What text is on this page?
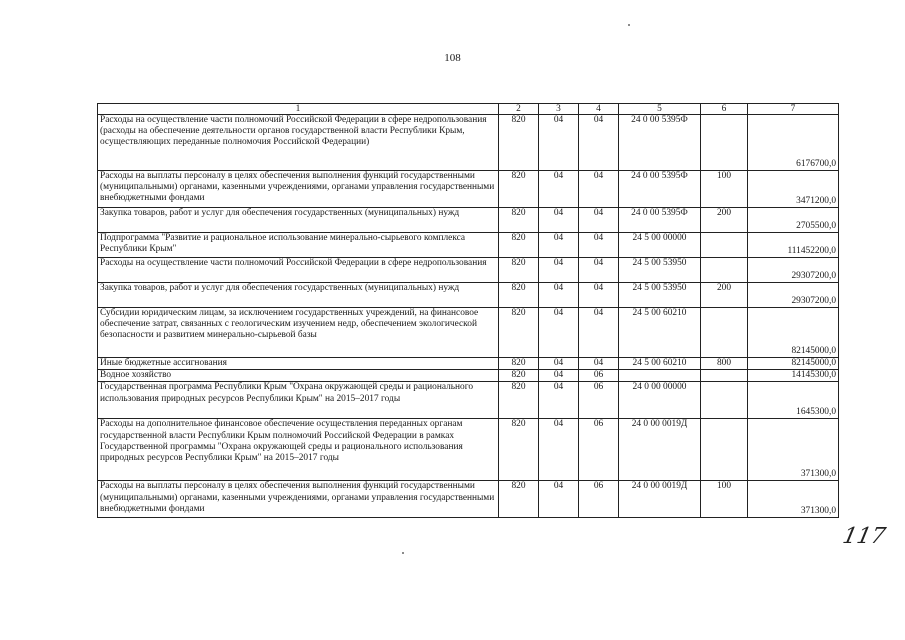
108
1	2	3	4	5	6	7
Расходы на осуществление части полномочий Российской Федерации в сфере недропользования (расходы на обеспечение деятельности органов государственной власти Республики Крым, осуществляющих переданные полномочия Российской Федерации)	820	04	04	24 0 00 5395Ф		6176700,0
Расходы на выплаты персоналу в целях обеспечения выполнения функций государственными (муниципальными) органами, казенными учреждениями, органами управления государственными внебюджетными фондами	820	04	04	24 0 00 5395Ф	100	3471200,0
Закупка товаров, работ и услуг для обеспечения государственных (муниципальных) нужд	820	04	04	24 0 00 5395Ф	200	2705500,0
Подпрограмма "Развитие и рациональное использование минерально-сырьевого комплекса Республики Крым"	820	04	04	24 5 00 00000		111452200,0
Расходы на осуществление части полномочий Российской Федерации в сфере недропользования	820	04	04	24 5 00 53950		29307200,0
Закупка товаров, работ и услуг для обеспечения государственных (муниципальных) нужд	820	04	04	24 5 00 53950	200	29307200,0
Субсидии юридическим лицам, за исключением государственных учреждений, на финансовое обеспечение затрат, связанных с геологическим изучением недр, обеспечением экологической безопасности и развитием минерально-сырьевой базы	820	04	04	24 5 00 60210		82145000,0
Иные бюджетные ассигнования	820	04	04	24 5 00 60210	800	82145000,0
Водное хозяйство	820	04	06			14145300,0
Государственная программа Республики Крым "Охрана окружающей среды и рационального использования природных ресурсов Республики Крым" на 2015–2017 годы	820	04	06	24 0 00 00000		1645300,0
Расходы на дополнительное финансовое обеспечение осуществления переданных органам государственной власти Республики Крым полномочий Российской Федерации в рамках Государственной программы "Охрана окружающей среды и рационального использования природных ресурсов Республики Крым" на 2015–2017 годы	820	04	06	24 0 00 0019Д		371300,0
Расходы на выплаты персоналу в целях обеспечения выполнения функций государственными (муниципальными) органами, казенными учреждениями, органами управления государственными внебюджетными фондами	820	04	06	24 0 00 0019Д	100	371300,0
117
